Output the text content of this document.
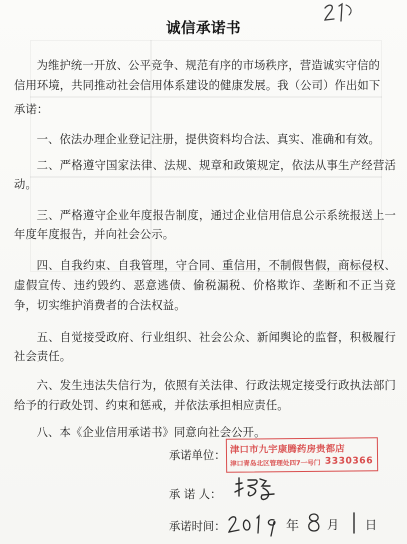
诚信承诺书
为维护统一开放、公平竞争、规范有序的市场秩序，营造诚实守信的
信用环境，共同推动社会信用体系建设的健康发展。我（公司）作出如下
承诺：
一、依法办理企业登记注册，提供资料均合法、真实、准确和有效。
二、严格遵守国家法律、法规、规章和政策规定，依法从事生产经营活动。
三、严格遵守企业年度报告制度，通过企业信用信息公示系统报送上一年度年度报告，并向社会公示。
四、自我约束、自我管理，守合同、重信用，不制假售假，商标侵权、虚假宣传、违约毁约、恶意逃债、偷税漏税、价格欺诈、垄断和不正当竞争，切实维护消费者的合法权益。
五、自觉接受政府、行业组织、社会公众、新闻舆论的监督，积极履行社会责任。
六、发生违法失信行为，依照有关法律、行政法规定接受行政执法部门给予的行政处罚、约束和惩戒，并依法承担相应责任。
八、本《企业信用承诺书》同意向社会公开。
承诺单位：
承 诺 人：
承诺时间：
津口市九宇康腾药房贵都店
津口青岛北区管理处四7一号门 3330366
年 月 日
